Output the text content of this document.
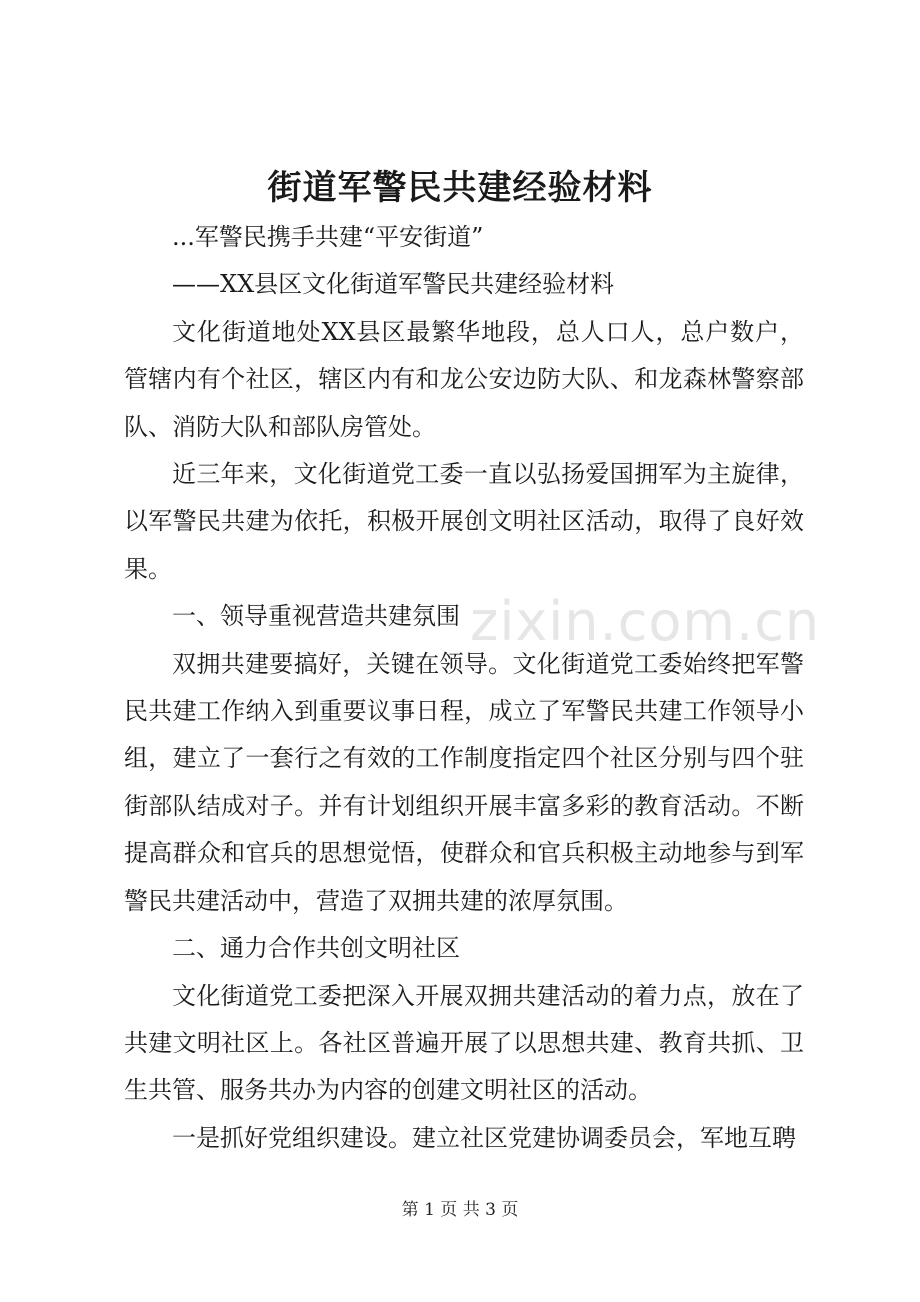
街道军警民共建经验材料

...军警民携手共建“平安街道”

——XX县区文化街道军警民共建经验材料

文化街道地处XX县区最繁华地段，总人口人，总户数户，管辖内有个社区，辖区内有和龙公安边防大队、和龙森林警察部队、消防大队和部队房管处。

近三年来，文化街道党工委一直以弘扬爱国拥军为主旋律，以军警民共建为依托，积极开展创文明社区活动，取得了良好效果。

一、领导重视营造共建氛围

双拥共建要搞好，关键在领导。文化街道党工委始终把军警民共建工作纳入到重要议事日程，成立了军警民共建工作领导小组，建立了一套行之有效的工作制度指定四个社区分别与四个驻街部队结成对子。并有计划组织开展丰富多彩的教育活动。不断提高群众和官兵的思想觉悟，使群众和官兵积极主动地参与到军警民共建活动中，营造了双拥共建的浓厚氛围。

二、通力合作共创文明社区

文化街道党工委把深入开展双拥共建活动的着力点，放在了共建文明社区上。各社区普遍开展了以思想共建、教育共抓、卫生共管、服务共办为内容的创建文明社区的活动。

一是抓好党组织建设。建立社区党建协调委员会，军地互聘

zixin.com.cn
第 1 页 共 3 页
